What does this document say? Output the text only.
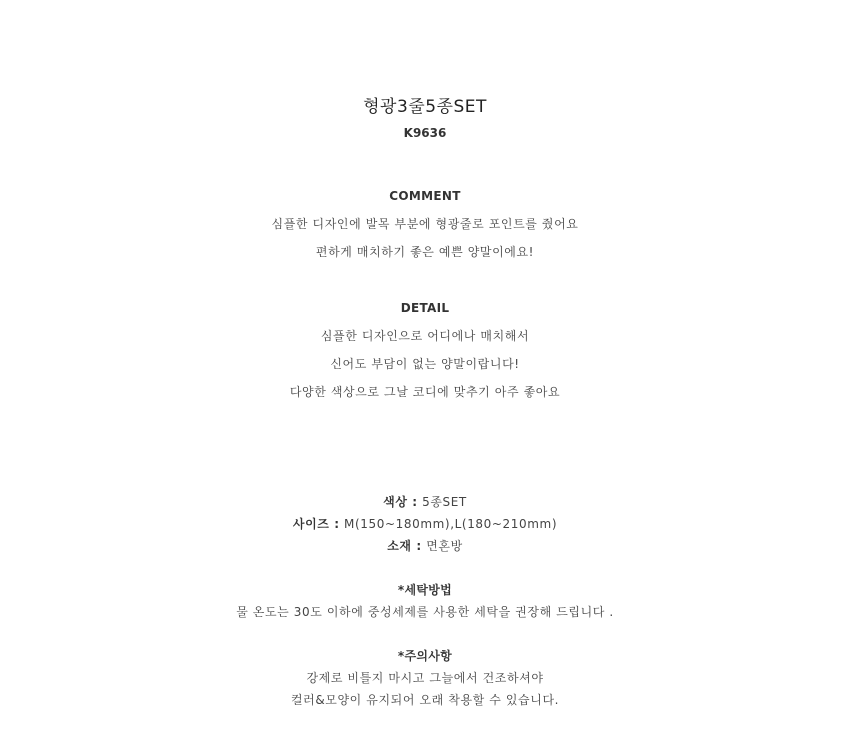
형광3줄5종SET
K9636
COMMENT
심플한 디자인에 발목 부분에 형광줄로 포인트를 줬어요
편하게 매치하기 좋은 예쁜 양말이에요!
DETAIL
심플한 디자인으로 어디에나 매치해서
신어도 부담이 없는 양말이랍니다!
다양한 색상으로 그날 코디에 맞추기 아주 좋아요
색상 : 5종SET
사이즈 : M(150~180mm),L(180~210mm)
소재 : 면혼방
*세탁방법
물 온도는 30도 이하에 중성세제를 사용한 세탁을 권장해 드립니다 .
*주의사항
강제로 비틀지 마시고 그늘에서 건조하셔야
컬러&모양이 유지되어 오래 착용할 수 있습니다.
